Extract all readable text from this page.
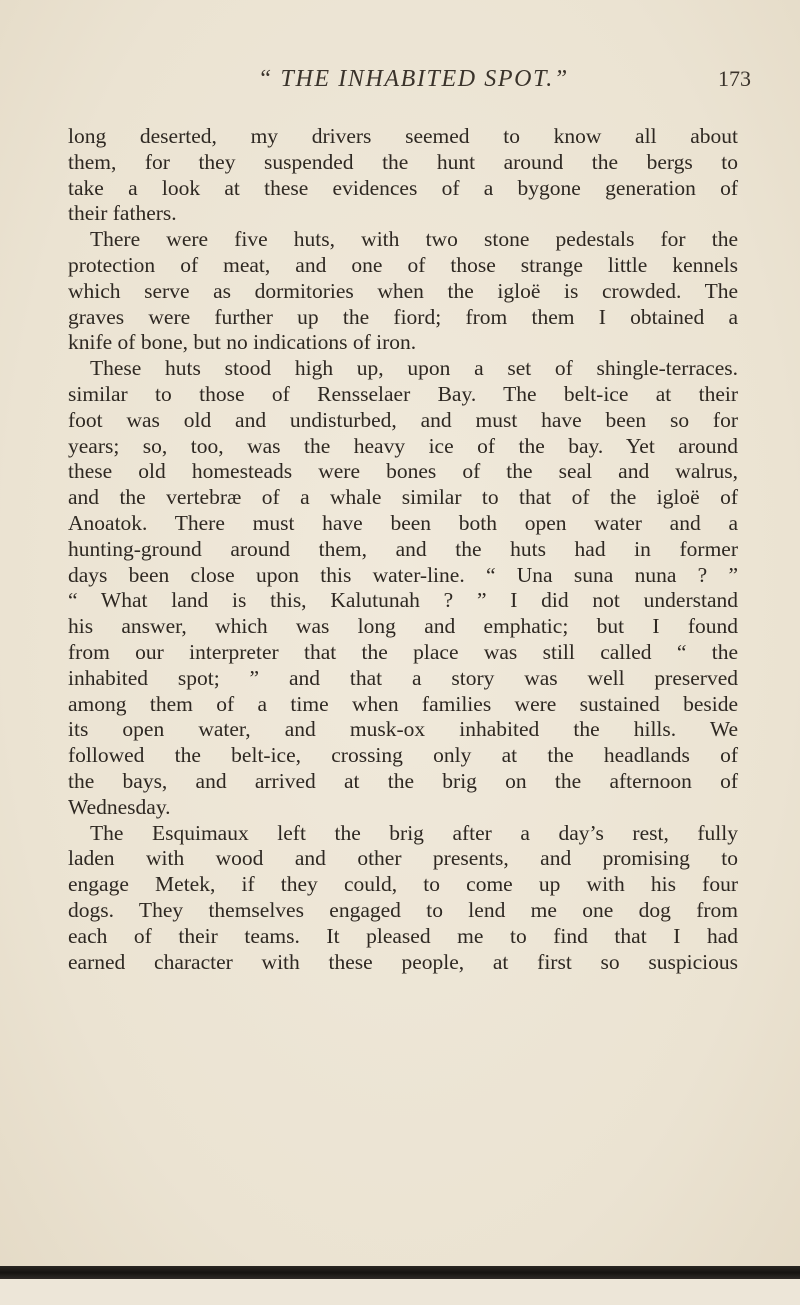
“ THE INHABITED SPOT.”	173
long deserted, my drivers seemed to know all about
them, for they suspended the hunt around the bergs to
take a look at these evidences of a bygone generation of
their fathers.
There were five huts, with two stone pedestals for the
protection of meat, and one of those strange little kennels
which serve as dormitories when the igloë is crowded. The
graves were further up the fiord; from them I obtained a
knife of bone, but no indications of iron.
These huts stood high up, upon a set of shingle-terraces.
similar to those of Rensselaer Bay. The belt-ice at their
foot was old and undisturbed, and must have been so for
years; so, too, was the heavy ice of the bay. Yet around
these old homesteads were bones of the seal and walrus,
and the vertebræ of a whale similar to that of the igloë of
Anoatok. There must have been both open water and a
hunting-ground around them, and the huts had in former
days been close upon this water-line. “ Una suna nuna ? ”
“ What land is this, Kalutunah ? ” I did not understand
his answer, which was long and emphatic; but I found
from our interpreter that the place was still called “ the
inhabited spot; ” and that a story was well preserved
among them of a time when families were sustained beside
its open water, and musk-ox inhabited the hills. We
followed the belt-ice, crossing only at the headlands of
the bays, and arrived at the brig on the afternoon of
Wednesday.
The Esquimaux left the brig after a day’s rest, fully
laden with wood and other presents, and promising to
engage Metek, if they could, to come up with his four
dogs. They themselves engaged to lend me one dog from
each of their teams. It pleased me to find that I had
earned character with these people, at first so suspicious
